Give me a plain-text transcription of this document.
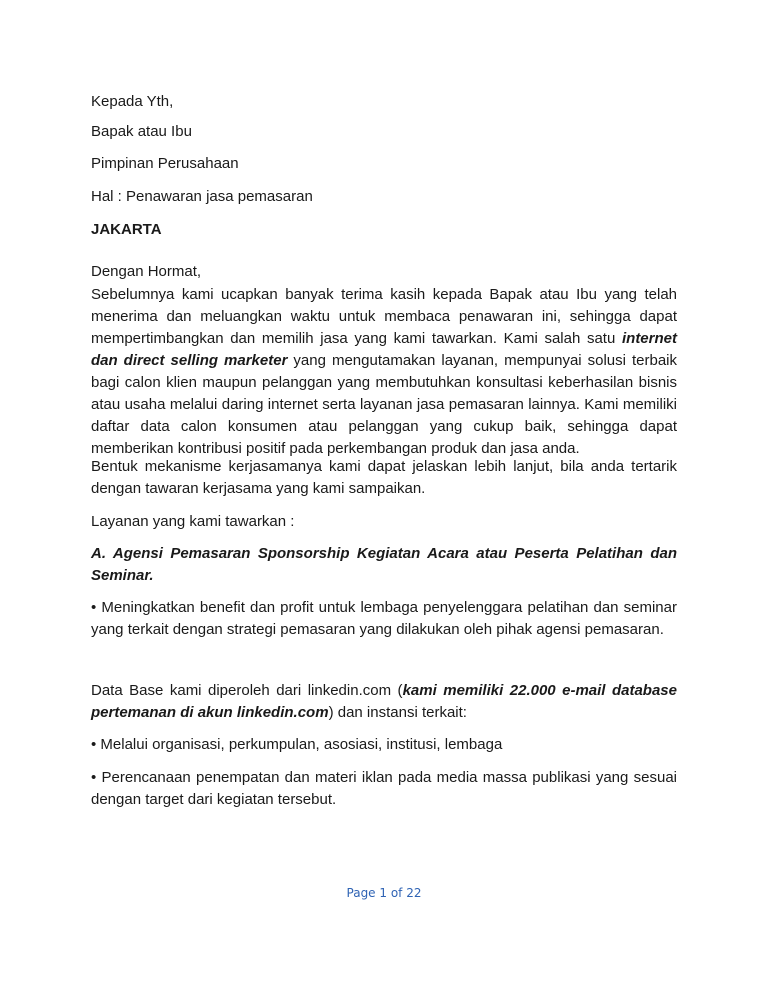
Kepada Yth,

Bapak atau Ibu

Pimpinan Perusahaan

Hal : Penawaran jasa pemasaran

JAKARTA

Dengan Hormat,

Sebelumnya kami ucapkan banyak terima kasih kepada Bapak atau Ibu yang telah menerima dan meluangkan waktu untuk membaca penawaran ini, sehingga dapat mempertimbangkan dan memilih jasa yang kami tawarkan. Kami salah satu internet dan direct selling marketer yang mengutamakan layanan, mempunyai solusi terbaik bagi calon klien maupun pelanggan yang membutuhkan konsultasi keberhasilan bisnis atau usaha melalui daring internet serta layanan jasa pemasaran lainnya. Kami memiliki daftar data calon konsumen atau pelanggan yang cukup baik, sehingga dapat memberikan kontribusi positif pada perkembangan produk dan jasa anda.

Bentuk mekanisme kerjasamanya kami dapat jelaskan lebih lanjut, bila anda tertarik dengan tawaran kerjasama yang kami sampaikan.

Layanan yang kami tawarkan :

A. Agensi Pemasaran Sponsorship Kegiatan Acara atau Peserta Pelatihan dan Seminar.

• Meningkatkan benefit dan profit untuk lembaga penyelenggara pelatihan dan seminar yang terkait dengan strategi pemasaran yang dilakukan oleh pihak agensi pemasaran.

Data Base kami diperoleh dari linkedin.com (kami memiliki 22.000 e-mail database pertemanan di akun linkedin.com) dan instansi terkait:

• Melalui organisasi, perkumpulan, asosiasi, institusi, lembaga

• Perencanaan penempatan dan materi iklan pada media massa publikasi yang sesuai dengan target dari kegiatan tersebut.

Page 1 of 22
